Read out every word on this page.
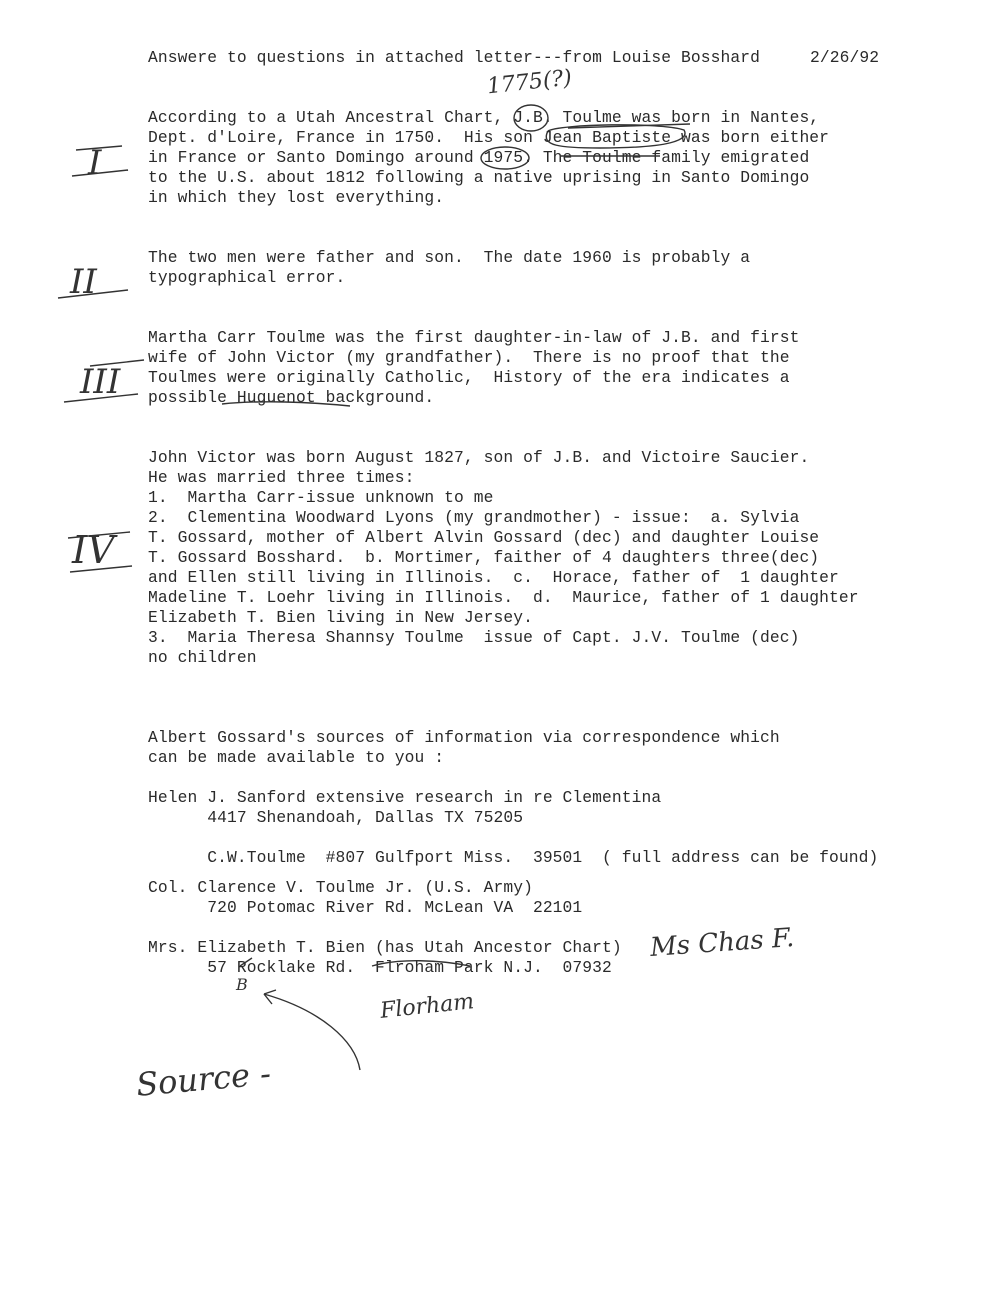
Answere to questions in attached letter---from Louise Bosshard	2/26/92
1775(?)
I
According to a Utah Ancestral Chart, J.B. Toulme was born in Nantes,
Dept. d'Loire, France in 1750.  His son Jean Baptiste was born either
in France or Santo Domingo around 1975. The Toulme family emigrated
to the U.S. about 1812 following a native uprising in Santo Domingo
in which they lost everything.
II
The two men were father and son.  The date 1960 is probably a
typographical error.
III
Martha Carr Toulme was the first daughter-in-law of J.B. and first
wife of John Victor (my grandfather).  There is no proof that the
Toulmes were originally Catholic,  History of the era indicates a
possible Huguenot background.
IV
John Victor was born August 1827, son of J.B. and Victoire Saucier.
He was married three times:
1.  Martha Carr-issue unknown to me
2.  Clementina Woodward Lyons (my grandmother) - issue:  a. Sylvia
T. Gossard, mother of Albert Alvin Gossard (dec) and daughter Louise
T. Gossard Bosshard.  b. Mortimer, faither of 4 daughters three(dec)
and Ellen still living in Illinois.  c.  Horace, father of  1 daughter
Madeline T. Loehr living in Illinois.  d.  Maurice, father of 1 daughter
Elizabeth T. Bien living in New Jersey.
3.  Maria Theresa Shannsy Toulme  issue of Capt. J.V. Toulme (dec)
no children
Albert Gossard's sources of information via correspondence which
can be made available to you :
Helen J. Sanford extensive research in re Clementina
4417 Shenandoah, Dallas TX 75205
C.W.Toulme  #807 Gulfport Miss.  39501  ( full address can be found)
Col. Clarence V. Toulme Jr. (U.S. Army)
720 Potomac River Rd. McLean VA  22101
Mrs. Elizabeth T. Bien (has Utah Ancestor Chart)
57 Rocklake Rd.  Flroham Park N.J.  07932
Ms Chas F.
B
Florham
Source -
